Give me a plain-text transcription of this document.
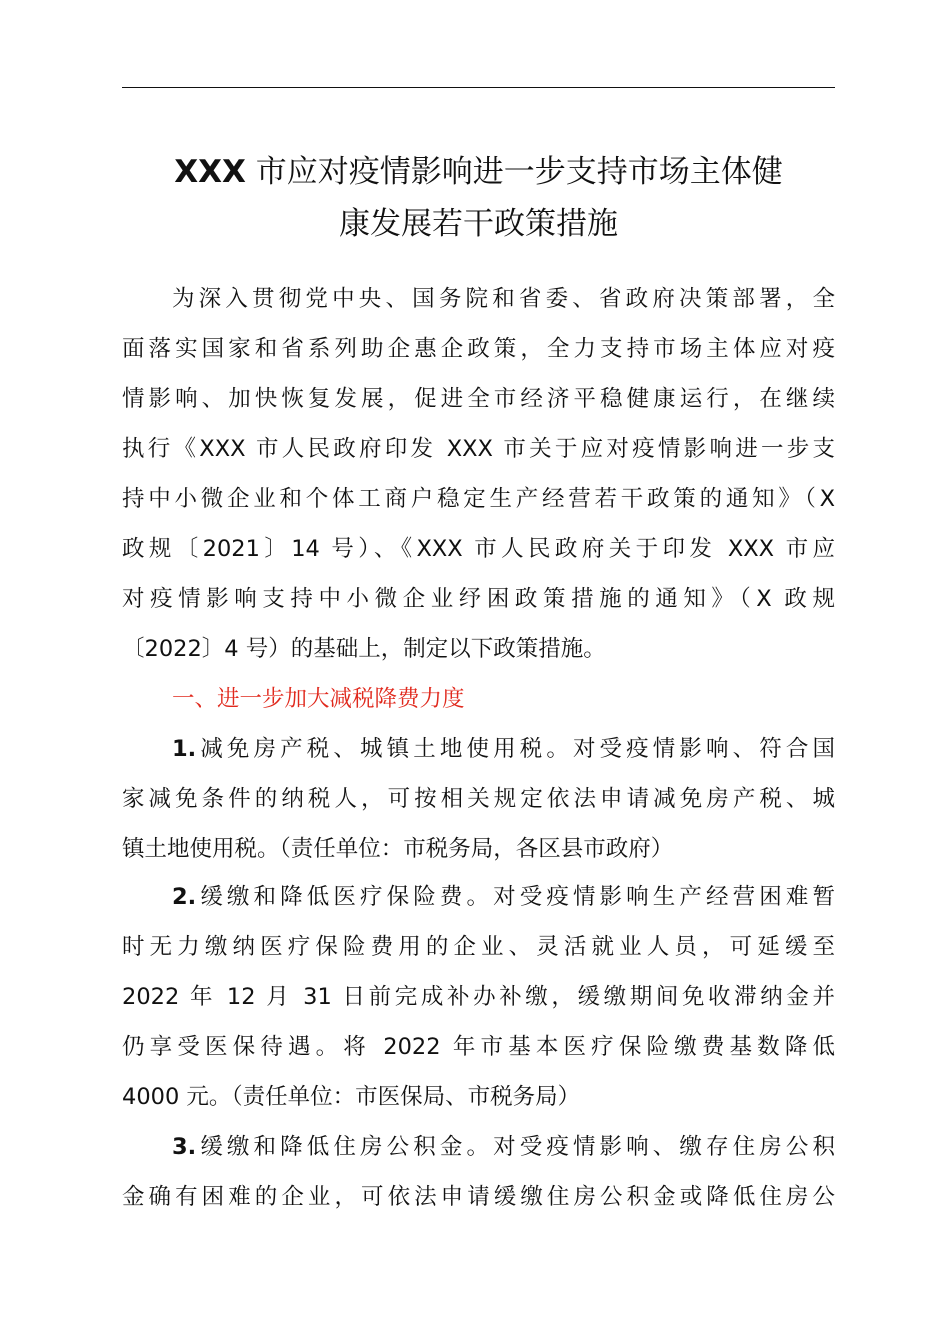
XXX 市应对疫情影响进一步支持市场主体健
康发展若干政策措施
为深入贯彻党中央、国务院和省委、省政府决策部署，全
面落实国家和省系列助企惠企政策，全力支持市场主体应对疫
情影响、加快恢复发展，促进全市经济平稳健康运行，在继续
执行《XXX 市人民政府印发 XXX 市关于应对疫情影响进一步支
持中小微企业和个体工商户稳定生产经营若干政策的通知》（X
政规〔2021〕14 号）、《XXX 市人民政府关于印发 XXX 市应
对疫情影响支持中小微企业纾困政策措施的通知》（X 政规
〔2022〕4 号）的基础上，制定以下政策措施。
一、进一步加大减税降费力度
1.减免房产税、城镇土地使用税。对受疫情影响、符合国
家减免条件的纳税人，可按相关规定依法申请减免房产税、城
镇土地使用税。（责任单位：市税务局，各区县市政府）
2.缓缴和降低医疗保险费。对受疫情影响生产经营困难暂
时无力缴纳医疗保险费用的企业、灵活就业人员，可延缓至
2022 年 12 月 31 日前完成补办补缴，缓缴期间免收滞纳金并
仍享受医保待遇。将 2022 年市基本医疗保险缴费基数降低
4000 元。（责任单位：市医保局、市税务局）
3.缓缴和降低住房公积金。对受疫情影响、缴存住房公积
金确有困难的企业，可依法申请缓缴住房公积金或降低住房公
